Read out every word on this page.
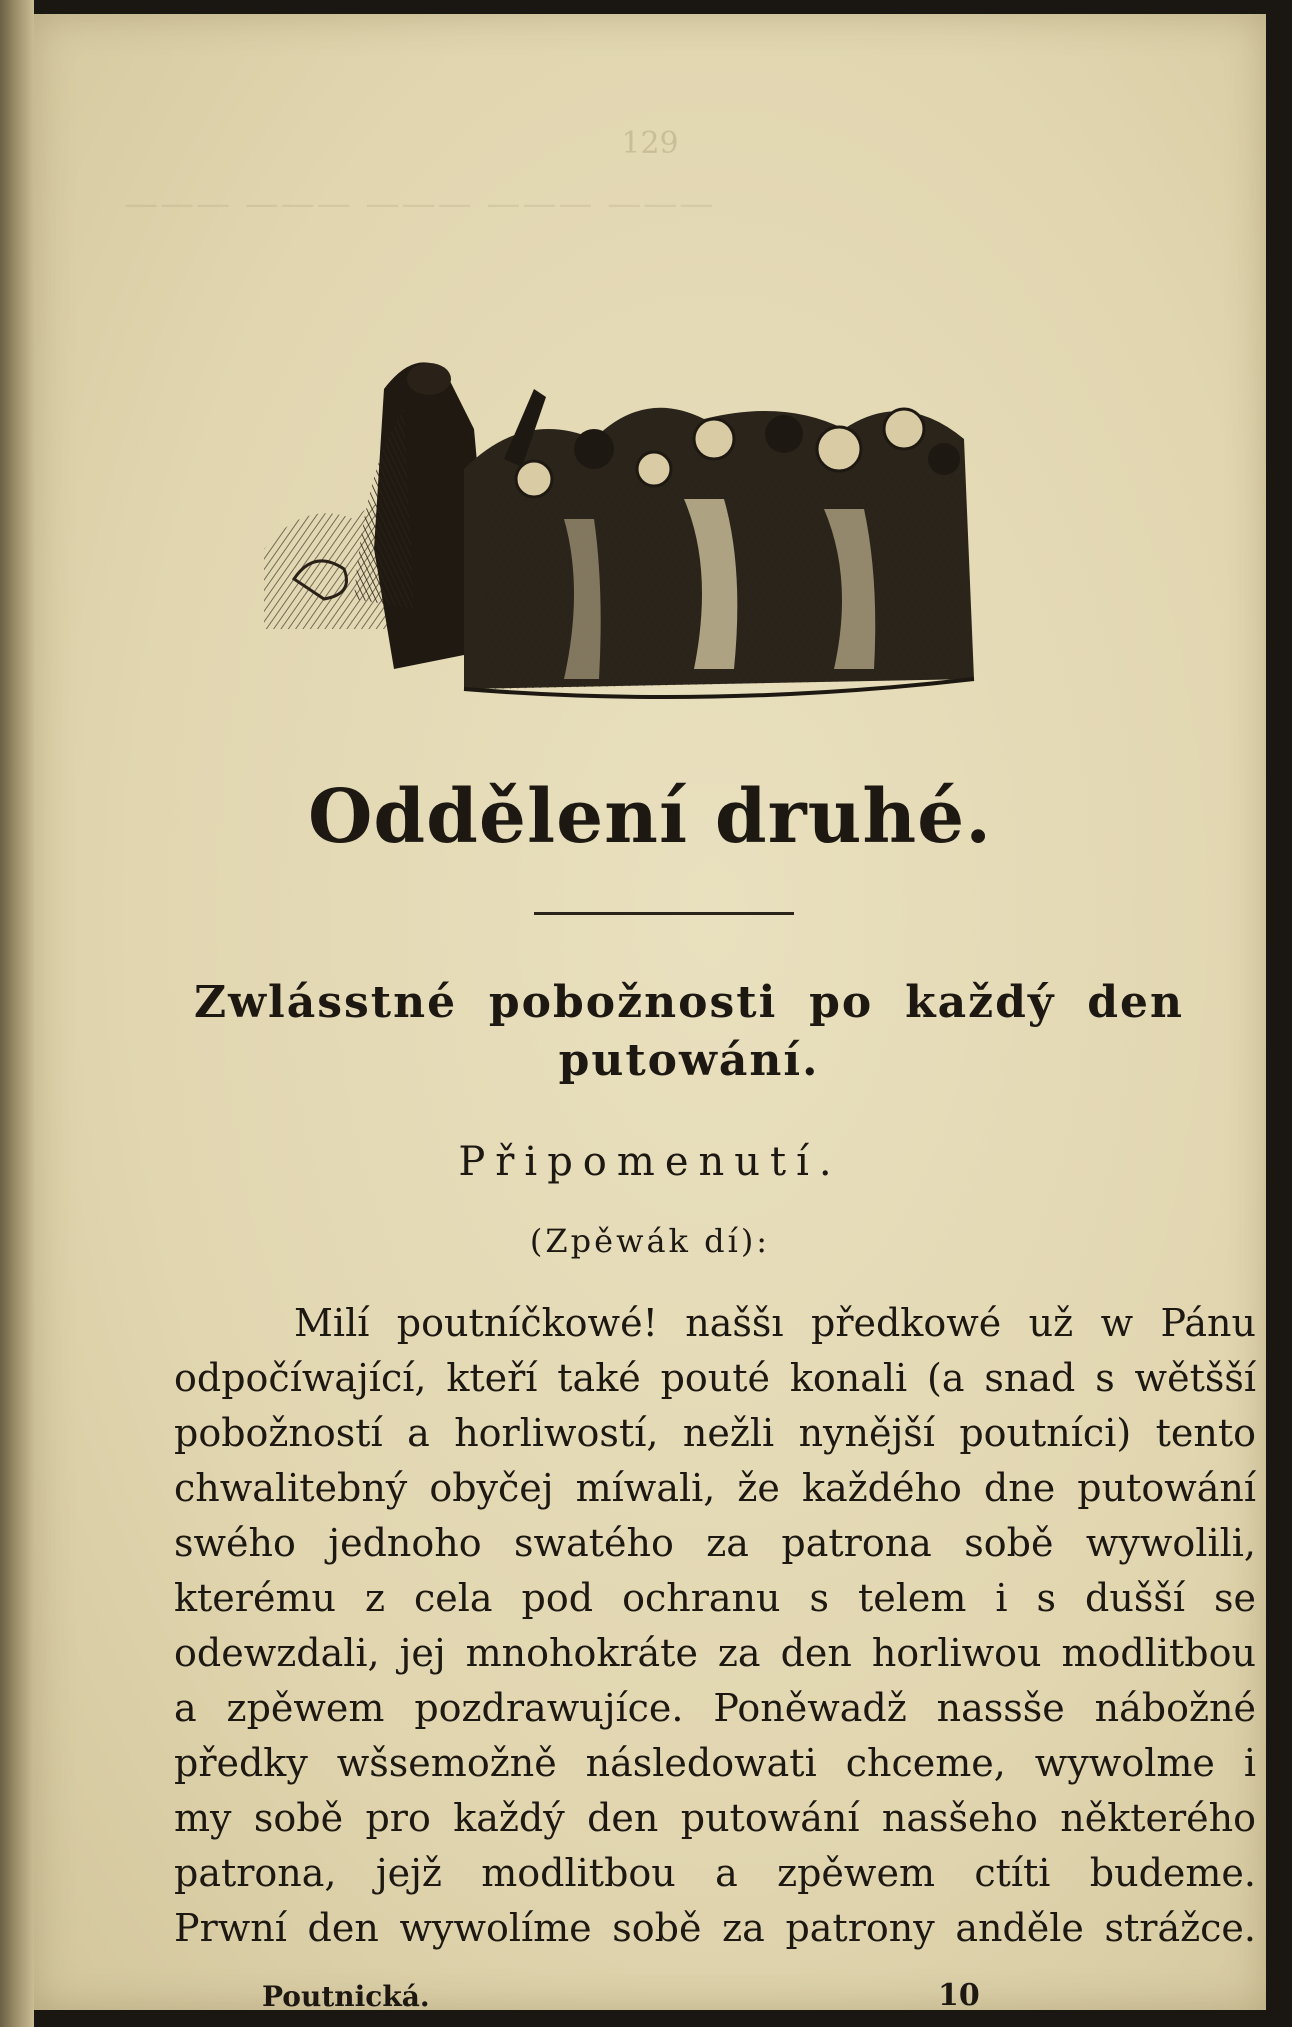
129
——— ——— ——— ——— ———
Oddělení druhé.
Zwlásstné pobožnosti po každý den
putowání.
Připomenutí.
(Zpěwák dí):
Milí poutníčkowé! naššı předkowé už w Pánu
odpočíwající, kteří také pouté konali (a snad s wětšší
pobožností a horliwostí, nežli nynější poutníci) tento
chwalitebný obyčej míwali, že každého dne putowání
swého jednoho swatého za patrona sobě wywolili,
kterému z cela pod ochranu s telem i s dušší se
odewzdali, jej mnohokráte za den horliwou modlitbou
a zpěwem pozdrawujíce. Poněwadž nassše nábožné
předky wšsemožně následowati chceme, wywolme i
my sobě pro každý den putowání nasšeho některého
patrona, jejž modlitbou a zpěwem ctíti budeme.
Prwní den wywolíme sobě za patrony anděle strážce.
Poutnická.	10
